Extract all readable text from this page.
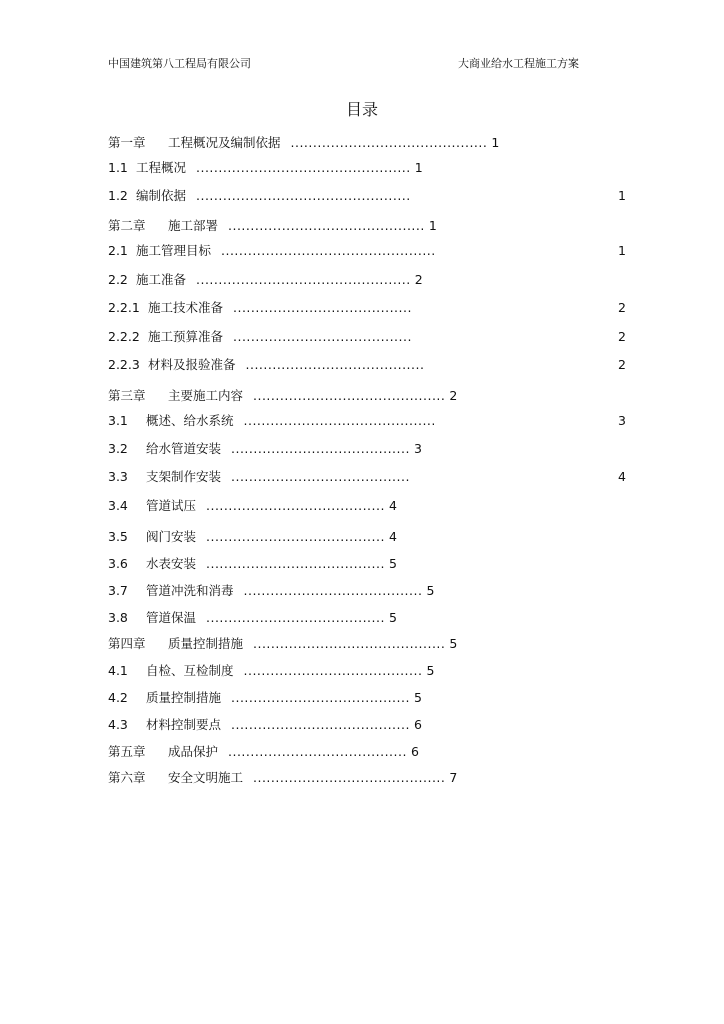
中国建筑第八工程局有限公司	大商业给水工程施工方案
目录
第一章 工程概况及编制依据 ............................................ 1
1.1 工程概况 ................................................ 1
1.2 编制依据 ................................................	1
第二章 施工部署 ............................................ 1
2.1 施工管理目标 ................................................	1
2.2 施工准备 ................................................ 2
2.2.1 施工技术准备 ........................................	2
2.2.2 施工预算准备 ........................................	2
2.2.3 材料及报验准备 ........................................	2
第三章 主要施工内容 ........................................... 2
3.1 概述、给水系统 ...........................................	3
3.2 给水管道安装 ........................................ 3
3.3 支架制作安装 ........................................	4
3.4 管道试压 ........................................ 4
3.5 阀门安装 ........................................ 4
3.6 水表安装 ........................................ 5
3.7 管道冲洗和消毒 ........................................ 5
3.8 管道保温 ........................................ 5
第四章 质量控制措施 ........................................... 5
4.1 自检、互检制度 ........................................ 5
4.2 质量控制措施 ........................................ 5
4.3 材料控制要点 ........................................ 6
第五章 成品保护 ........................................ 6
第六章 安全文明施工 ........................................... 7
